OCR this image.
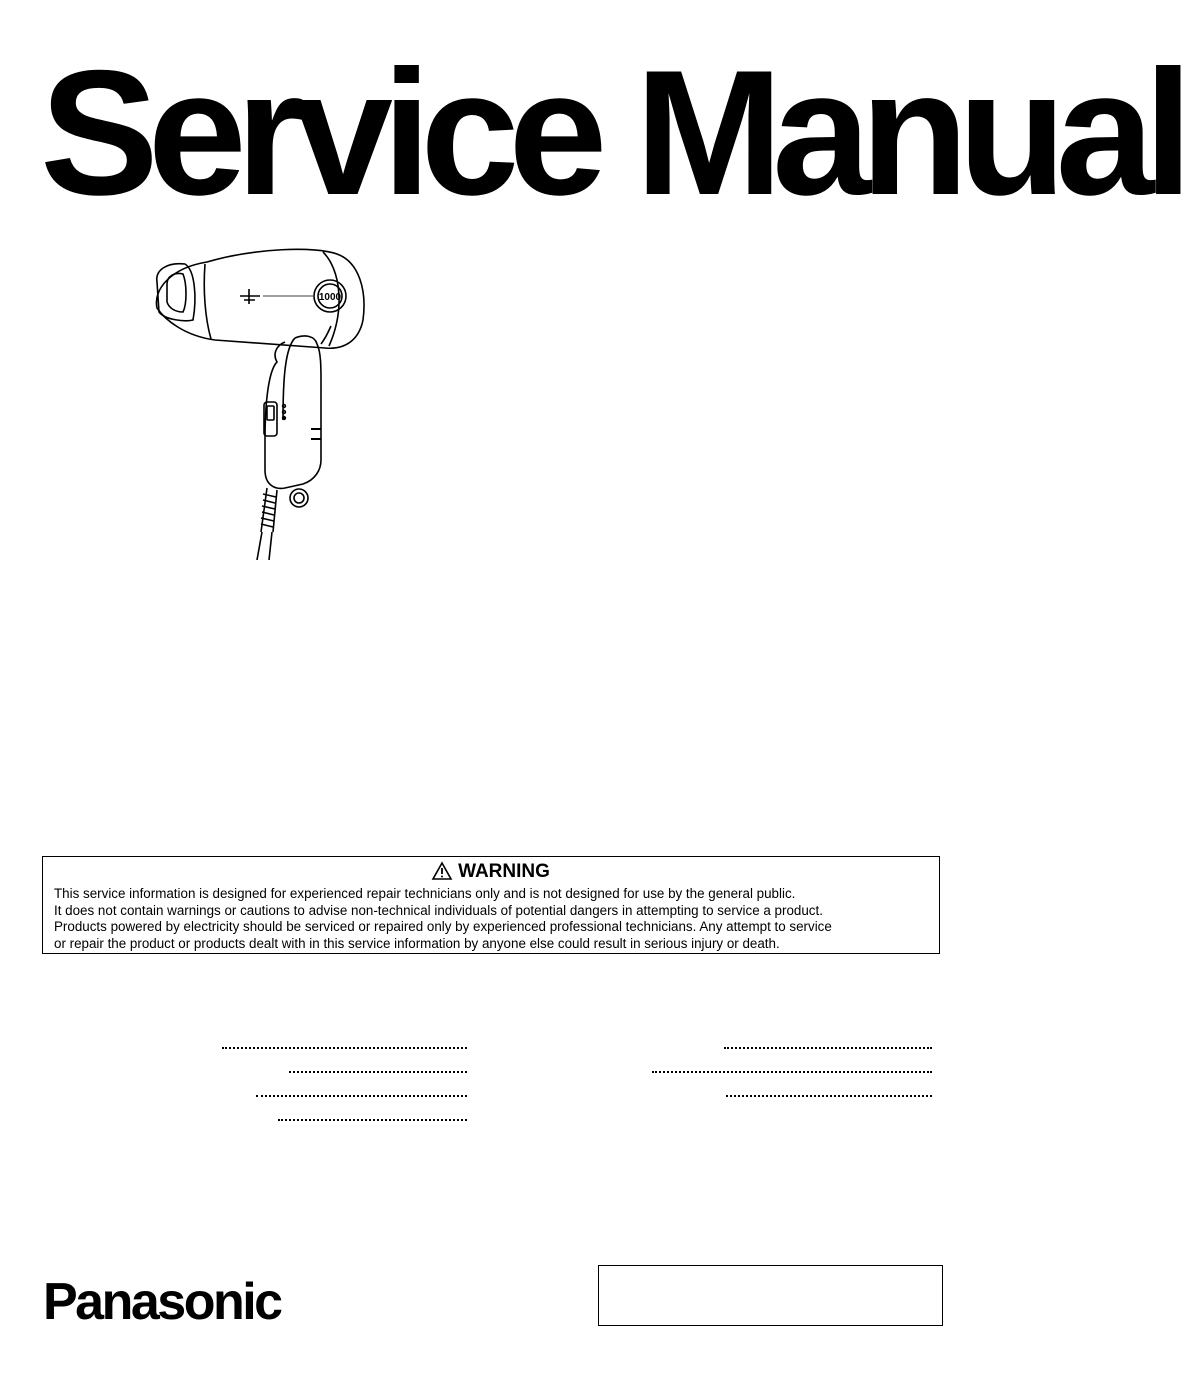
Service Manual
1000
WARNING
This service information is designed for experienced repair technicians only and is not designed for use by the general public.
It does not contain warnings or cautions to advise non-technical individuals of potential dangers in attempting to service a product.
Products powered by electricity should be serviced or repaired only by experienced professional technicians. Any attempt to service
or repair the product or products dealt with in this service information by anyone else could result in serious injury or death.
Panasonic
